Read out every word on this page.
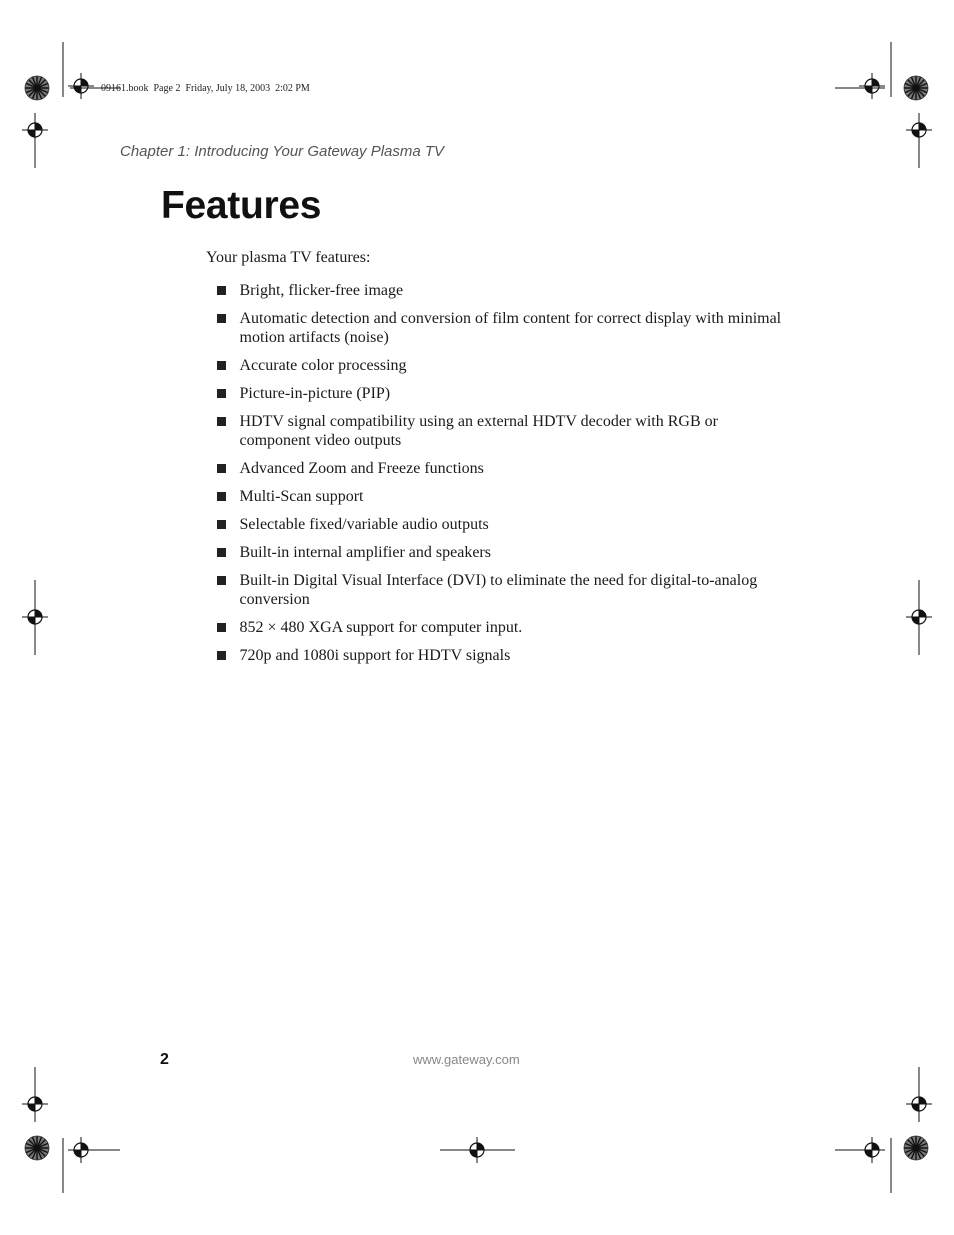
09161.book  Page 2  Friday, July 18, 2003  2:02 PM
Chapter 1: Introducing Your Gateway Plasma TV
Features
Your plasma TV features:
Bright, flicker-free image
Automatic detection and conversion of film content for correct display with minimal motion artifacts (noise)
Accurate color processing
Picture-in-picture (PIP)
HDTV signal compatibility using an external HDTV decoder with RGB or component video outputs
Advanced Zoom and Freeze functions
Multi-Scan support
Selectable fixed/variable audio outputs
Built-in internal amplifier and speakers
Built-in Digital Visual Interface (DVI) to eliminate the need for digital-to-analog conversion
852 × 480 XGA support for computer input.
720p and 1080i support for HDTV signals
2	www.gateway.com
